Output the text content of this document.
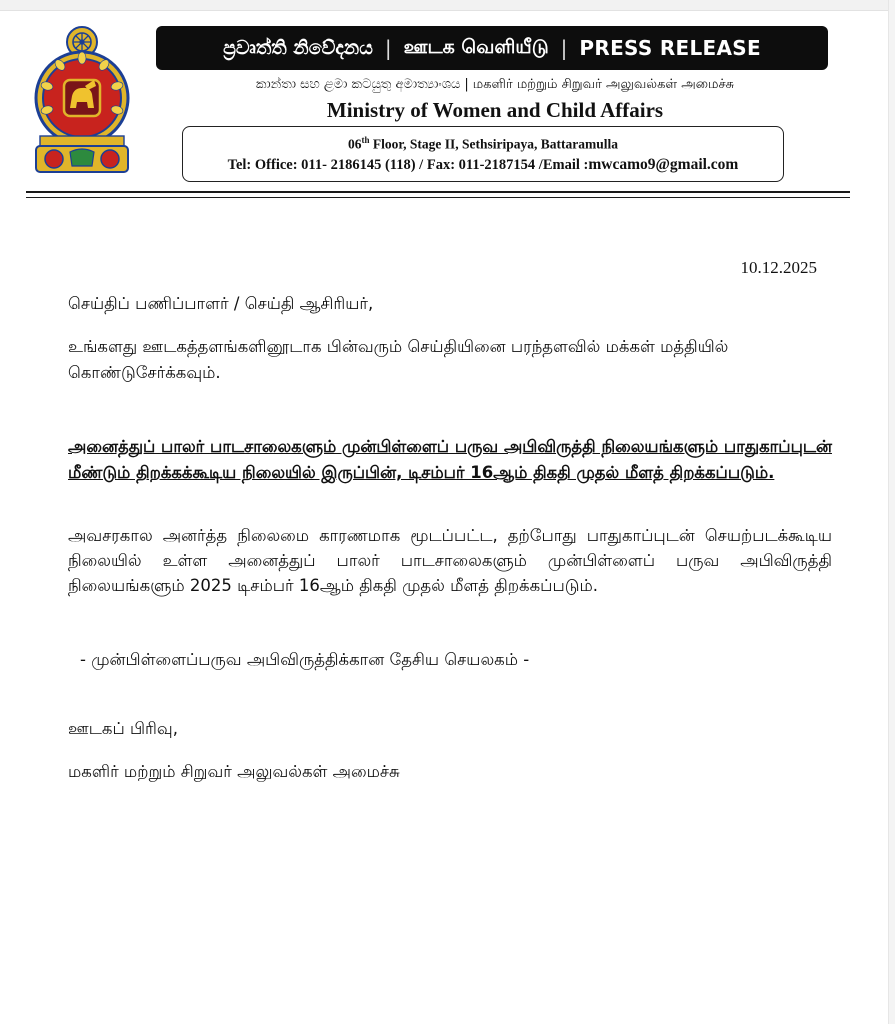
ප්‍රවෘත්ති නිවේදනය | ஊடக வெளியீடு | PRESS RELEASE
කාන්තා සහ ළමා කටයුතු අමාත්‍යාංශය | மகளிர் மற்றும் சிறுவர் அலுவல்கள் அமைச்சு
Ministry of Women and Child Affairs
06th Floor, Stage II, Sethsiripaya, Battaramulla
Tel: Office: 011- 2186145 (118) / Fax: 011-2187154 /Email :mwcamo9@gmail.com
10.12.2025
செய்திப் பணிப்பாளர் / செய்தி ஆசிரியர்,
உங்களது ஊடகத்தளங்களினூடாக பின்வரும் செய்தியினை பரந்தளவில் மக்கள் மத்தியில் கொண்டுசேர்க்கவும்.
அனைத்துப் பாலர் பாடசாலைகளும் முன்பிள்ளைப் பருவ அபிவிருத்தி நிலையங்களும் பாதுகாப்புடன் மீண்டும் திறக்கக்கூடிய நிலையில் இருப்பின், டிசம்பர் 16ஆம் திகதி முதல் மீளத் திறக்கப்படும்.
அவசரகால அனர்த்த நிலைமை காரணமாக மூடப்பட்ட, தற்போது பாதுகாப்புடன் செயற்படக்கூடிய நிலையில் உள்ள அனைத்துப் பாலர் பாடசாலைகளும் முன்பிள்ளைப் பருவ அபிவிருத்தி நிலையங்களும் 2025 டிசம்பர் 16ஆம் திகதி முதல் மீளத் திறக்கப்படும்.
- முன்பிள்ளைப்பருவ அபிவிருத்திக்கான தேசிய செயலகம் -
ஊடகப் பிரிவு,
மகளிர் மற்றும் சிறுவர் அலுவல்கள் அமைச்சு
